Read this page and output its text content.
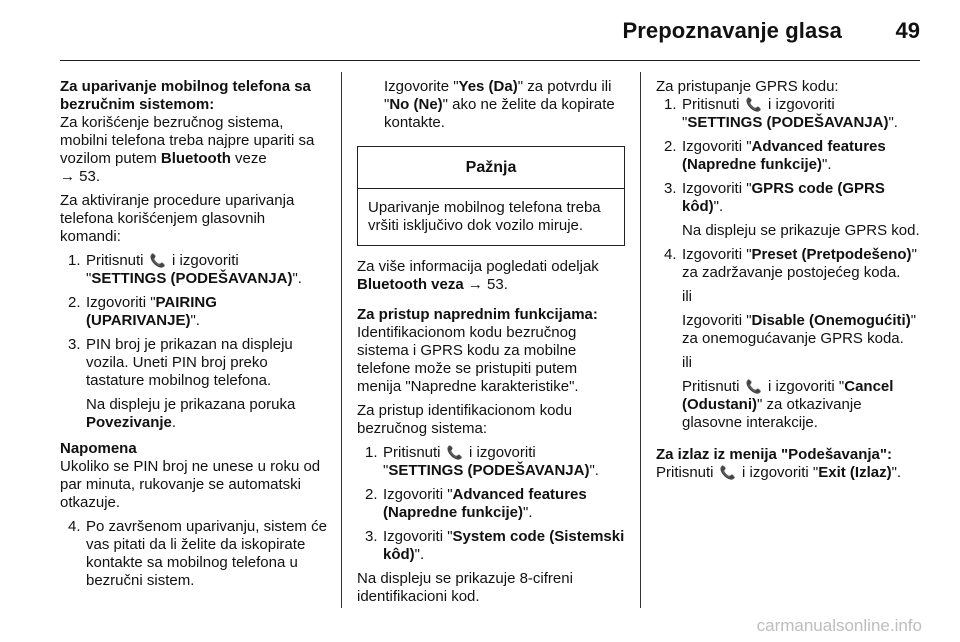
Prepoznavanje glasa 49

Za uparivanje mobilnog telefona sa bezručnim sistemom:

Za korišćenje bezručnog sistema, mobilni telefona treba najpre upariti sa vozilom putem Bluetooth veze
→ 53.

Za aktiviranje procedure uparivanja telefona korišćenjem glasovnih komandi:

1. Pritisnuti 📞 i izgovoriti
"SETTINGS (PODEŠAVANJA)".
2. Izgovoriti "PAIRING (UPARIVANJE)".
3. PIN broj je prikazan na displeju vozila. Uneti PIN broj preko tastature mobilnog telefona.
Na displeju je prikazana poruka Povezivanje.

Napomena

Ukoliko se PIN broj ne unese u roku od par minuta, rukovanje se automatski otkazuje.

4. Po završenom uparivanju, sistem će vas pitati da li želite da iskopirate kontakte sa mobilnog telefona u bezručni sistem.

Izgovorite "Yes (Da)" za potvrdu ili "No (Ne)" ako ne želite da kopirate kontakte.

Pažnja
Uparivanje mobilnog telefona treba vršiti isključivo dok vozilo miruje.

Za više informacija pogledati odeljak Bluetooth veza → 53.

Za pristup naprednim funkcijama:

Identifikacionom kodu bezručnog sistema i GPRS kodu za mobilne telefone može se pristupiti putem menija "Napredne karakteristike".

Za pristup identifikacionom kodu bezručnog sistema:

1. Pritisnuti 📞 i izgovoriti
"SETTINGS (PODEŠAVANJA)".
2. Izgovoriti "Advanced features (Napredne funkcije)".
3. Izgovoriti "System code (Sistemski kôd)".

Na displeju se prikazuje 8-cifreni identifikacioni kod.

Za pristupanje GPRS kodu:

1. Pritisnuti 📞 i izgovoriti
"SETTINGS (PODEŠAVANJA)".
2. Izgovoriti "Advanced features (Napredne funkcije)".
3. Izgovoriti "GPRS code (GPRS kôd)".
Na displeju se prikazuje GPRS kod.
4. Izgovoriti "Preset (Pretpodešeno)" za zadržavanje postojećeg koda.
ili
Izgovoriti "Disable (Onemogućiti)" za onemogućavanje GPRS koda.
ili
Pritisnuti 📞 i izgovoriti "Cancel (Odustani)" za otkazivanje glasovne interakcije.

Za izlaz iz menija "Podešavanja":

Pritisnuti 📞 i izgovoriti "Exit (Izlaz)".

carmanualsonline.info
